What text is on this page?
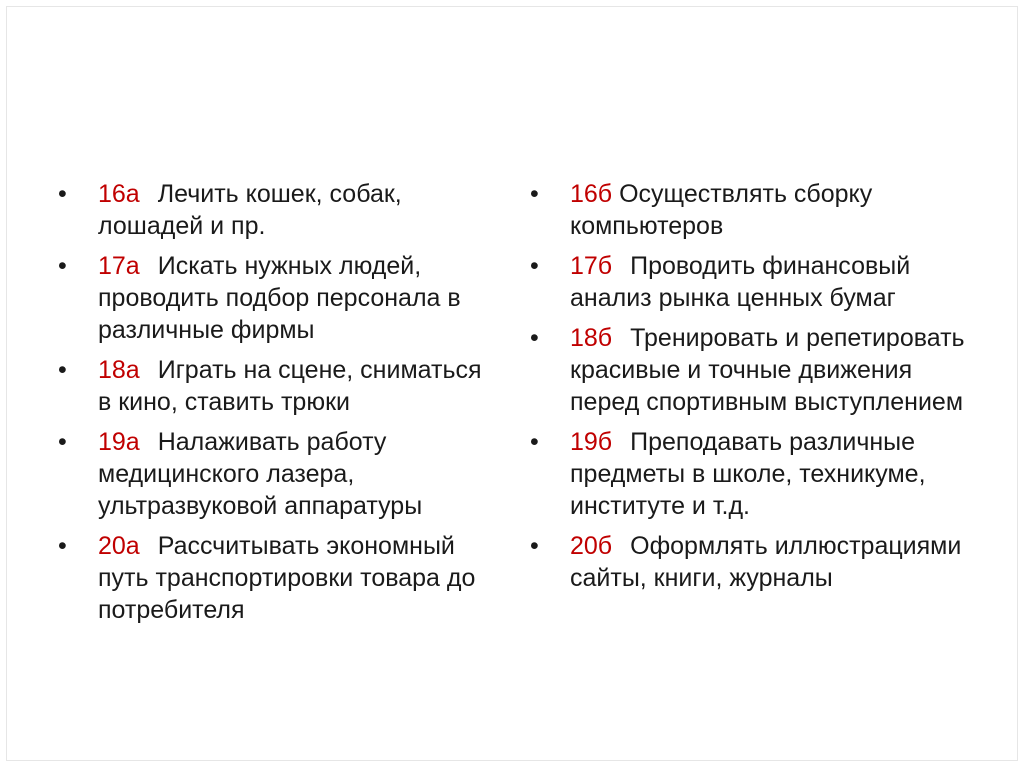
• 16а Лечить кошек, собак, лошадей и пр.
• 17а Искать нужных людей, проводить подбор персонала в различные фирмы
• 18а Играть на сцене, сниматься в кино, ставить трюки
• 19а Налаживать работу медицинского лазера, ультразвуковой аппаратуры
• 20а Рассчитывать экономный путь транспортировки товара до потребителя
• 16б Осуществлять сборку компьютеров
• 17б Проводить финансовый анализ рынка ценных бумаг
• 18б Тренировать и репетировать красивые и точные движения перед спортивным выступлением
• 19б Преподавать различные предметы в школе, техникуме, институте и т.д.
• 20б Оформлять иллюстрациями сайты, книги, журналы
